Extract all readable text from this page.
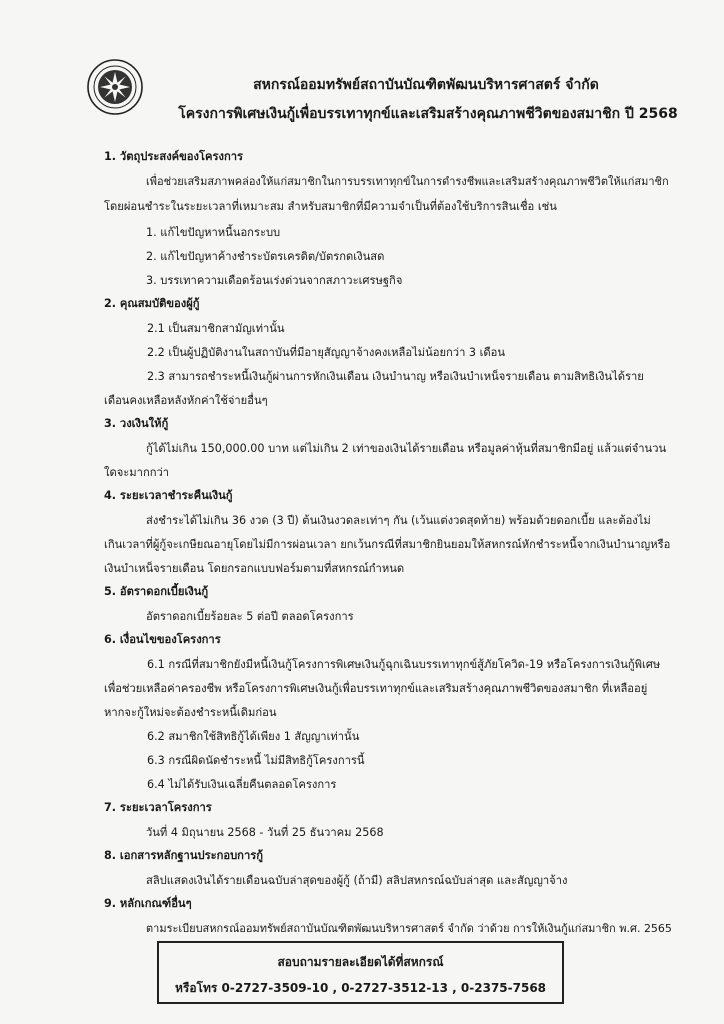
สหกรณ์ออมทรัพย์สถาบันบัณฑิตพัฒนบริหารศาสตร์ จำกัด
โครงการพิเศษเงินกู้เพื่อบรรเทาทุกข์และเสริมสร้างคุณภาพชีวิตของสมาชิก ปี 2568
1. วัตถุประสงค์ของโครงการ
เพื่อช่วยเสริมสภาพคล่องให้แก่สมาชิกในการบรรเทาทุกข์ในการดำรงชีพและเสริมสร้างคุณภาพชีวิตให้แก่สมาชิก
โดยผ่อนชำระในระยะเวลาที่เหมาะสม สำหรับสมาชิกที่มีความจำเป็นที่ต้องใช้บริการสินเชื่อ เช่น
1. แก้ไขปัญหาหนี้นอกระบบ
2. แก้ไขปัญหาค้างชำระบัตรเครดิต/บัตรกดเงินสด
3. บรรเทาความเดือดร้อนเร่งด่วนจากสภาวะเศรษฐกิจ
2. คุณสมบัติของผู้กู้
2.1 เป็นสมาชิกสามัญเท่านั้น
2.2 เป็นผู้ปฏิบัติงานในสถาบันที่มีอายุสัญญาจ้างคงเหลือไม่น้อยกว่า 3 เดือน
2.3 สามารถชำระหนี้เงินกู้ผ่านการหักเงินเดือน เงินบำนาญ หรือเงินบำเหน็จรายเดือน ตามสิทธิเงินได้ราย
เดือนคงเหลือหลังหักค่าใช้จ่ายอื่นๆ
3. วงเงินให้กู้
กู้ได้ไม่เกิน 150,000.00 บาท แต่ไม่เกิน 2 เท่าของเงินได้รายเดือน หรือมูลค่าหุ้นที่สมาชิกมีอยู่ แล้วแต่จำนวน
ใดจะมากกว่า
4. ระยะเวลาชำระคืนเงินกู้
ส่งชำระได้ไม่เกิน 36 งวด (3 ปี) ต้นเงินงวดละเท่าๆ กัน (เว้นแต่งวดสุดท้าย) พร้อมด้วยดอกเบี้ย และต้องไม่
เกินเวลาที่ผู้กู้จะเกษียณอายุโดยไม่มีการผ่อนเวลา ยกเว้นกรณีที่สมาชิกยินยอมให้สหกรณ์หักชำระหนี้จากเงินบำนาญหรือ
เงินบำเหน็จรายเดือน โดยกรอกแบบฟอร์มตามที่สหกรณ์กำหนด
5. อัตราดอกเบี้ยเงินกู้
อัตราดอกเบี้ยร้อยละ 5 ต่อปี ตลอดโครงการ
6. เงื่อนไขของโครงการ
6.1 กรณีที่สมาชิกยังมีหนี้เงินกู้โครงการพิเศษเงินกู้ฉุกเฉินบรรเทาทุกข์สู้ภัยโควิด-19 หรือโครงการเงินกู้พิเศษ
เพื่อช่วยเหลือค่าครองชีพ หรือโครงการพิเศษเงินกู้เพื่อบรรเทาทุกข์และเสริมสร้างคุณภาพชีวิตของสมาชิก ที่เหลืออยู่
หากจะกู้ใหม่จะต้องชำระหนี้เดิมก่อน
6.2 สมาชิกใช้สิทธิกู้ได้เพียง 1 สัญญาเท่านั้น
6.3 กรณีผิดนัดชำระหนี้ ไม่มีสิทธิกู้โครงการนี้
6.4 ไม่ได้รับเงินเฉลี่ยคืนตลอดโครงการ
7. ระยะเวลาโครงการ
วันที่ 4 มิถุนายน 2568 - วันที่ 25 ธันวาคม 2568
8. เอกสารหลักฐานประกอบการกู้
สลิปแสดงเงินได้รายเดือนฉบับล่าสุดของผู้กู้ (ถ้ามี) สลิปสหกรณ์ฉบับล่าสุด และสัญญาจ้าง
9. หลักเกณฑ์อื่นๆ
ตามระเบียบสหกรณ์ออมทรัพย์สถาบันบัณฑิตพัฒนบริหารศาสตร์ จำกัด ว่าด้วย การให้เงินกู้แก่สมาชิก พ.ศ. 2565
สอบถามรายละเอียดได้ที่สหกรณ์
หรือโทร 0-2727-3509-10 , 0-2727-3512-13 , 0-2375-7568
